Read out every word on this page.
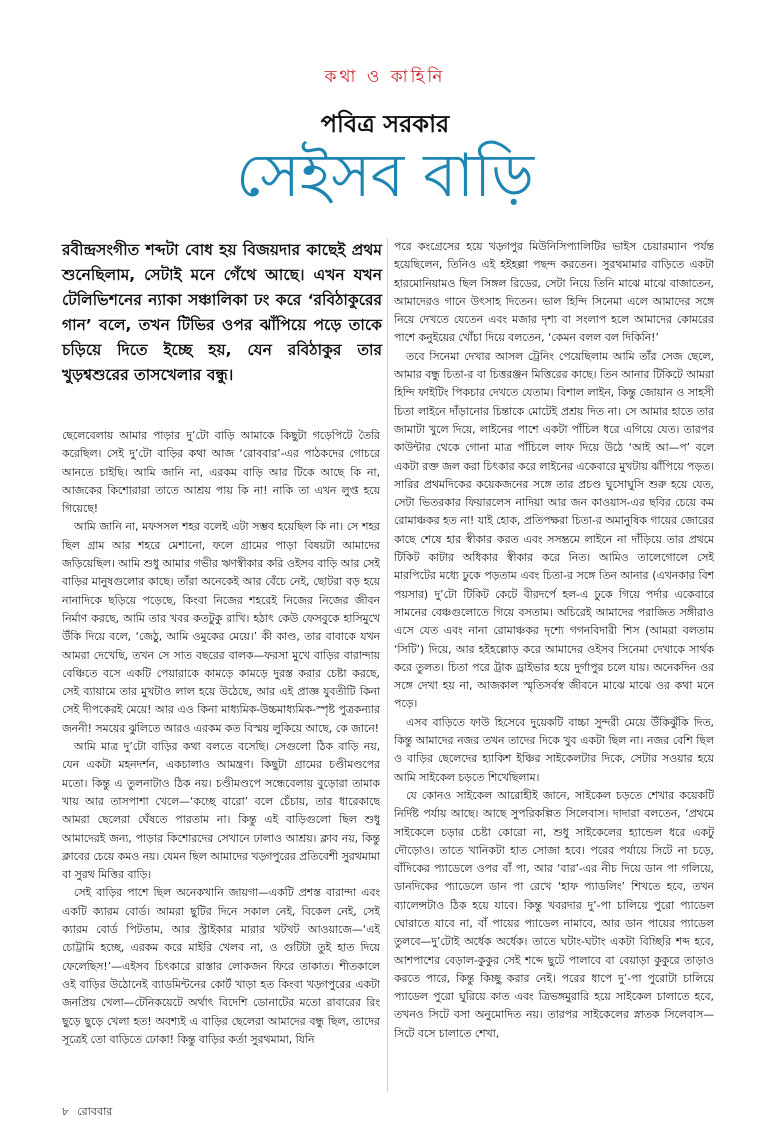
কথা ও কাহিনি
পবিত্র সরকার
সেইসব বাড়ি
রবীন্দ্রসংগীত শব্দটা বোধ হয় বিজয়দার কাছেই প্রথম শুনেছিলাম, সেটাই মনে গেঁথে আছে। এখন যখন টেলিভিশনের ন্যাকা সঞ্চালিকা ঢং করে ‘রবিঠাকুরের গান’ বলে, তখন টিভির ওপর ঝাঁপিয়ে পড়ে তাকে চড়িয়ে দিতে ইচ্ছে হয়, যেন রবিঠাকুর তার খুড়শ্বশুরের তাসখেলার বন্ধু।

ছেলেবেলায় আমার পাড়ার দু’টো বাড়ি আমাকে কিছুটা গড়েপিটে তৈরি করেছিল। সেই দু’টো বাড়ির কথা আজ ‘রোববার’-এর পাঠকদের গোচরে আনতে চাইছি। আমি জানি না, এরকম বাড়ি আর টিকে আছে কি না, আজকের কিশোরারা তাতে আশ্রয় পায় কি না! নাকি তা এখন লুপ্ত হয়ে গিয়েছে!

আমি জানি না, মফসসল শহর বলেই এটা সম্ভব হয়েছিল কি না। সে শহর ছিল গ্রাম আর শহরে মেশানো, ফলে গ্রামের পাড়া বিষয়টা আমাদের জড়িয়েছিল। আমি শুধু আমার গভীর ঋণস্বীকার করি ওইসব বাড়ি আর সেই বাড়ির মানুষগুলোর কাছে। তাঁরা অনেকেই আর বেঁচে নেই, ছোটরা বড় হয়ে নানাদিকে ছড়িয়ে পড়েছে, কিংবা নিজের শহরেই নিজের নিজের জীবন নির্মাণ করছে, আমি তার খবর কতটুকু রাখি। হঠাৎ কেউ ফেসবুকে হাসিমুখে উঁকি দিয়ে বলে, ‘জেঠু, আমি ওমুকের মেয়ে।’ কী কাণ্ড, তার বাবাকে যখন আমরা দেখেছি, তখন সে সাত বছরের বালক—ফরসা মুখে বাড়ির বারান্দায় বেঞ্চিতে বসে একটি পেয়ারাকে কামড়ে কামড়ে দুরস্ত করার চেষ্টা করছে, সেই ব্যায়ামে তার মুখটাও লাল হয়ে উঠেছে, আর এই প্রাজ্ঞ যুবতীটি কিনা সেই দীপকেরই মেয়ে! আর এও কিনা মাধ্যমিক-উচ্চমাধ্যমিক-স্পৃষ্ট পুত্রকন্যার জননী! সময়ের ঝুলিতে আরও এরকম কত বিস্ময় লুকিয়ে আছে, কে জানে!

আমি মাত্র দু’টো বাড়ির কথা বলতে বসেছি। সেগুলো ঠিক বাড়ি নয়, যেন একটা মহনদর্শন, একচালাও আমন্ত্রণ। কিছুটা গ্রামের চণ্ডীমণ্ডপের মতো। কিন্তু এ তুলনাটাও ঠিক নয়। চণ্ডীমণ্ডপে সন্ধেবেলায় বুড়োরা তামাক খায় আর তাসপাশা খেলে—‘কচ্ছে বারো’ বলে চেঁচায়, তার ধারেকাছে আমরা ছেলেরা ঘেঁষতে পারতাম না। কিন্তু এই বাড়িগুলো ছিল শুধু আমাদেরই জন্য, পাড়ার কিশোরদের সেখানে ঢালাও আশ্রয়। ক্লাব নয়, কিন্তু ক্লাবের চেয়ে কমও নয়। যেমন ছিল আমাদের খড়্গপুরের প্রতিবেশী সুরথমামা বা সুরথ মিত্তির বাড়ি।

সেই বাড়ির পাশে ছিল অনেকখানি জায়গা—একটি প্রশস্ত বারান্দা এবং একটি ক্যারম বোর্ড। আমরা ছুটির দিনে সকাল নেই, বিকেল নেই, সেই ক্যারম বোর্ড পিটতাম, আর স্ট্রাইকার মারার খটখট আওয়াজে—‘এই চোট্টামি হচ্ছে, এরকম করে মাইরি খেলব না, ও গুটিটা তুই হাত দিয়ে ফেলেছিস!’—এইসব চিৎকারে রাস্তার লোকজন ফিরে তাকাত। শীতকালে ওই বাড়ির উঠোনেই ব্যাডমিন্টনের কোর্ট খাড়া হত কিংবা খড়্গপুরের একটা জনপ্রিয় খেলা—টেনিকয়েটে অর্থাৎ বিদেশি ডোনাটের মতো রাবারের রিং ছুড়ে ছুড়ে খেলা হত! অবশ্যই এ বাড়ির ছেলেরা আমাদের বন্ধু ছিল, তাদের সূত্রেই তো বাড়িতে ঢোকা! কিন্তু বাড়ির কর্তা সুরথমামা, যিনি

পরে কংগ্রেসের হয়ে খড়্গপুর মিউনিসিপ্যালিটির ভাইস চেয়ারম্যান পর্যন্ত হয়েছিলেন, তিনিও এই হইহল্লা পছন্দ করতেন। সুরথমামার বাড়িতে একটা হারমোনিয়ামও ছিল সিঙ্গল রিডের, সেটা নিয়ে তিনি মাঝে মাঝে বাজাতেন, আমাদেরও গানে উৎসাহ দিতেন। ভাল হিন্দি সিনেমা এলে আমাদের সঙ্গে নিয়ে দেখতে যেতেন এবং মজার দৃশ্য বা সংলাপ হলে আমাদের কোমরের পাশে কনুইয়ের খোঁচা দিয়ে বলতেন, ‘কেমন বলল বল দিকিনি!’

তবে সিনেমা দেখার আসল ট্রেনিং পেয়েছিলাম আমি তাঁর সেজ ছেলে, আমার বন্ধু চিতা-র বা চিত্তরঞ্জন মিত্তিরের কাছে। তিন আনার টিকিটে আমরা হিন্দি ফাইটিং পিকচার দেখতে যেতাম। বিশাল লাইন, কিন্তু জোয়ান ও সাহসী চিতা লাইনে দাঁড়ানোর চিন্তাকে মোটেই প্রশ্রয় দিত না। সে আমার হাতে তার জামাটা খুলে দিয়ে, লাইনের পাশে একটা পাঁচিল ধরে এগিয়ে যেত। তারপর কাউন্টার থেকে গোনা মাত্র পাঁচিলে লাফ দিয়ে উঠে ‘আই আ—প’ বলে একটা রক্ত জল করা চিৎকার করে লাইনের একেবারে মুখটায় ঝাঁপিয়ে পড়ত। সারির প্রথমদিকের কয়েকজনের সঙ্গে তার প্রচণ্ড ঘুসোঘুসি শুরু হয়ে যেত, সেটা ভিতরকার ফিয়ারলেস নাদিয়া আর জন কাওয়াস-এর ছবির চেয়ে কম রোমাঞ্চকর হত না! যাই হোক, প্রতিপক্ষরা চিতা-র অমানুষিক গায়ের জোরের কাছে শেষে হার স্বীকার করত এবং সসম্ভ্রমে লাইনে না দাঁড়িয়ে তার প্রথমে টিকিট কাটার অধিকার স্বীকার করে নিত। আমিও তালেগোলে সেই মারপিটের মধ্যে ঢুকে পড়তাম এবং চিতা-র সঙ্গে তিন আনার (এখনকার বিশ পয়সার) দু’টো টিকিট কেটে বীরদর্পে হল-এ ঢুকে গিয়ে পর্দার একেবারে সামনের বেঞ্চগুলোতে গিয়ে বসতাম। অচিরেই আমাদের পরাজিত সঙ্গীরাও এসে যেত এবং নানা রোমাঞ্চকর দৃশ্যে গগনবিদারী শিস (আমরা বলতাম ‘সিটি’) দিয়ে, আর হইহল্লোড় করে আমাদের ওইসব সিনেমা দেখাকে সার্থক করে তুলত। চিতা পরে ট্রাক ড্রাইভার হয়ে দুর্গাপুর চলে যায়। অনেকদিন ওর সঙ্গে দেখা হয় না, আজকাল স্মৃতিসর্বস্ব জীবনে মাঝে মাঝে ওর কথা মনে পড়ে।

এসব বাড়িতে ফাউ হিসেবে দুয়েকটি বাচ্চা সুন্দরী মেয়ে উঁকিঝুঁকি দিত, কিন্তু আমাদের নজর তখন তাদের দিকে খুব একটা ছিল না। নজর বেশি ছিল ও বাড়ির ছেলেদের হ্যাকিশ ইঞ্চির সাইকেলটার দিকে, সেটার সওয়ার হয়ে আমি সাইকেল চড়তে শিখেছিলাম।

যে কোনও সাইকেল আরোহীই জানে, সাইকেল চড়তে শেখার কয়েকটি নির্দিষ্ট পর্যায় আছে। আছে সুপরিকল্পিত সিলেবাস। দাদারা বলতেন, ‘প্রথমে সাইকেলে চড়ার চেষ্টা কোরো না, শুধু সাইকেলের হ্যান্ডেল ধরে একটু দৌড়োও। তাতে খানিকটা হাত সোজা হবে। পরের পর্যায়ে সিটে না চড়ে, বাঁদিকের প্যাডেলে ওপর বাঁ পা, আর ‘বার’-এর নীচ দিয়ে ডান পা গলিয়ে, ডানদিকের প্যাডেলে ডান পা রেখে ‘হাফ প্যাডলিং’ শিখতে হবে, তখন ব্যালেন্সটাও ঠিক হয়ে যাবে। কিন্তু খবরদার দু’-পা চালিয়ে পুরো প্যাডেল ঘোরাতে যাবে না, বাঁ পায়ের প্যাডেল নামাবে, আর ডান পায়ের প্যাডেল তুলবে—দু’টোই অর্ধেক অর্ধেক। তাতে ঘটাং-ঘটাং একটা বিচ্ছিরি শব্দ হবে, আশপাশের বেড়াল-কুকুর সেই শব্দে ছুটে পালাবে বা বেয়াড়া কুকুরে তাড়াও করতে পারে, কিন্তু কিচ্ছু করার নেই। পরের ধাপে দু’-পা পুরোটা চালিয়ে প্যাডেল পুরো ঘুরিয়ে কাত এবং ত্রিভঙ্গমুরারি হয়ে সাইকেল চালাতে হবে, তখনও সিটে বসা অনুমোদিত নয়। তারপর সাইকেলের স্নাতক সিলেবাস—সিটে বসে চালাতে শেখা,

৮ রোববার
